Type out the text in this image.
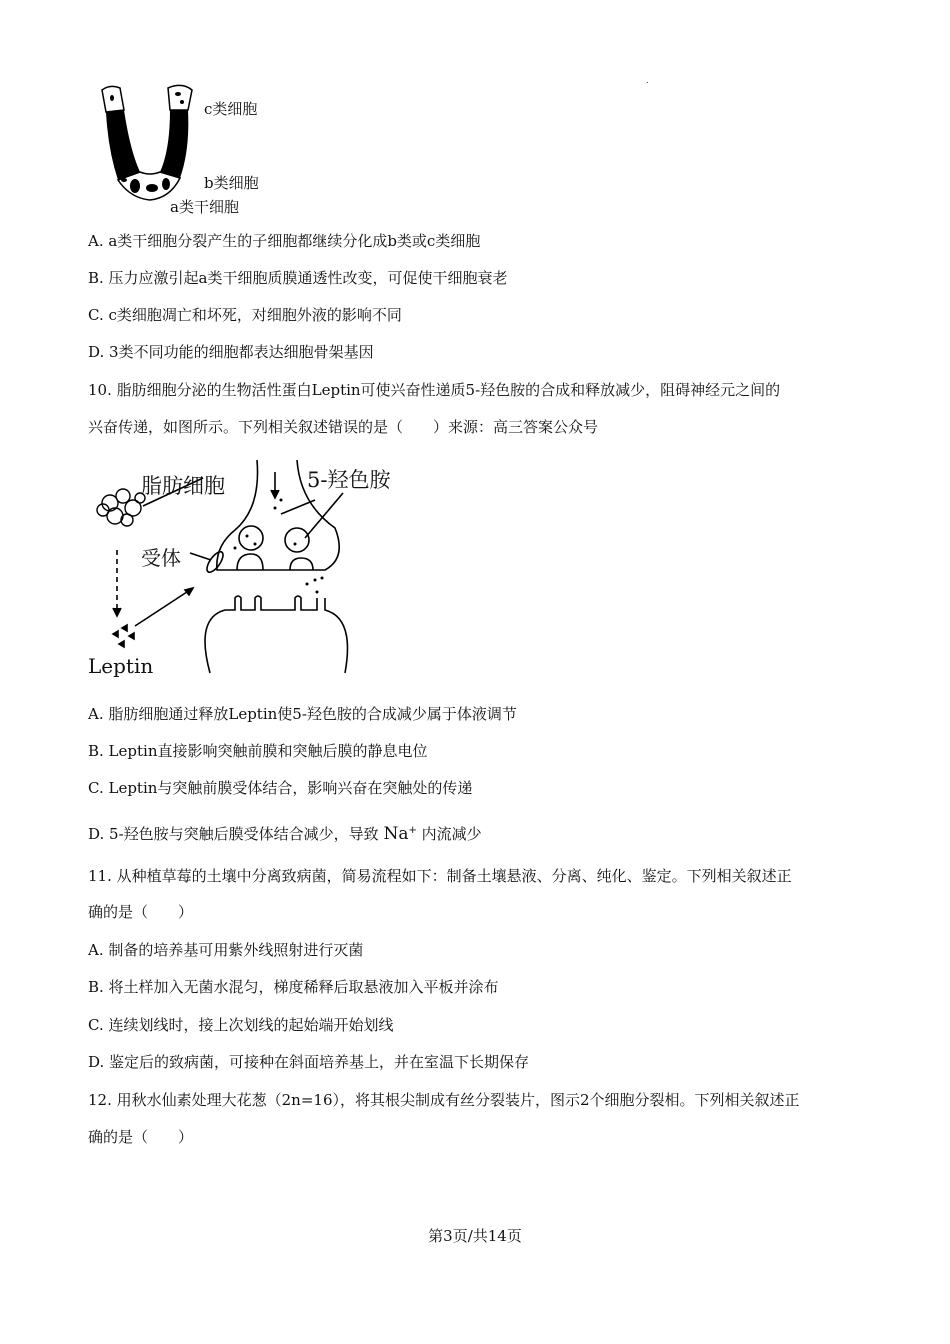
.
c类细胞
b类细胞
a类干细胞
A. a类干细胞分裂产生的子细胞都继续分化成b类或c类细胞
B. 压力应激引起a类干细胞质膜通透性改变，可促使干细胞衰老
C. c类细胞凋亡和坏死，对细胞外液的影响不同
D. 3类不同功能的细胞都表达细胞骨架基因
10. 脂肪细胞分泌的生物活性蛋白Leptin可使兴奋性递质5-羟色胺的合成和释放减少，阻碍神经元之间的
兴奋传递，如图所示。下列相关叙述错误的是（　　）来源：高三答案公众号
脂肪细胞	5-羟色胺
受体
Leptin
A. 脂肪细胞通过释放Leptin使5-羟色胺的合成减少属于体液调节
B. Leptin直接影响突触前膜和突触后膜的静息电位
C. Leptin与突触前膜受体结合，影响兴奋在突触处的传递
D. 5-羟色胺与突触后膜受体结合减少，导致 Na+ 内流减少
11. 从种植草莓的土壤中分离致病菌，简易流程如下：制备土壤悬液、分离、纯化、鉴定。下列相关叙述正
确的是（　　）
A. 制备的培养基可用紫外线照射进行灭菌
B. 将土样加入无菌水混匀，梯度稀释后取悬液加入平板并涂布
C. 连续划线时，接上次划线的起始端开始划线
D. 鉴定后的致病菌，可接种在斜面培养基上，并在室温下长期保存
12. 用秋水仙素处理大花葱（2n=16），将其根尖制成有丝分裂装片，图示2个细胞分裂相。下列相关叙述正
确的是（　　）
第3页/共14页
